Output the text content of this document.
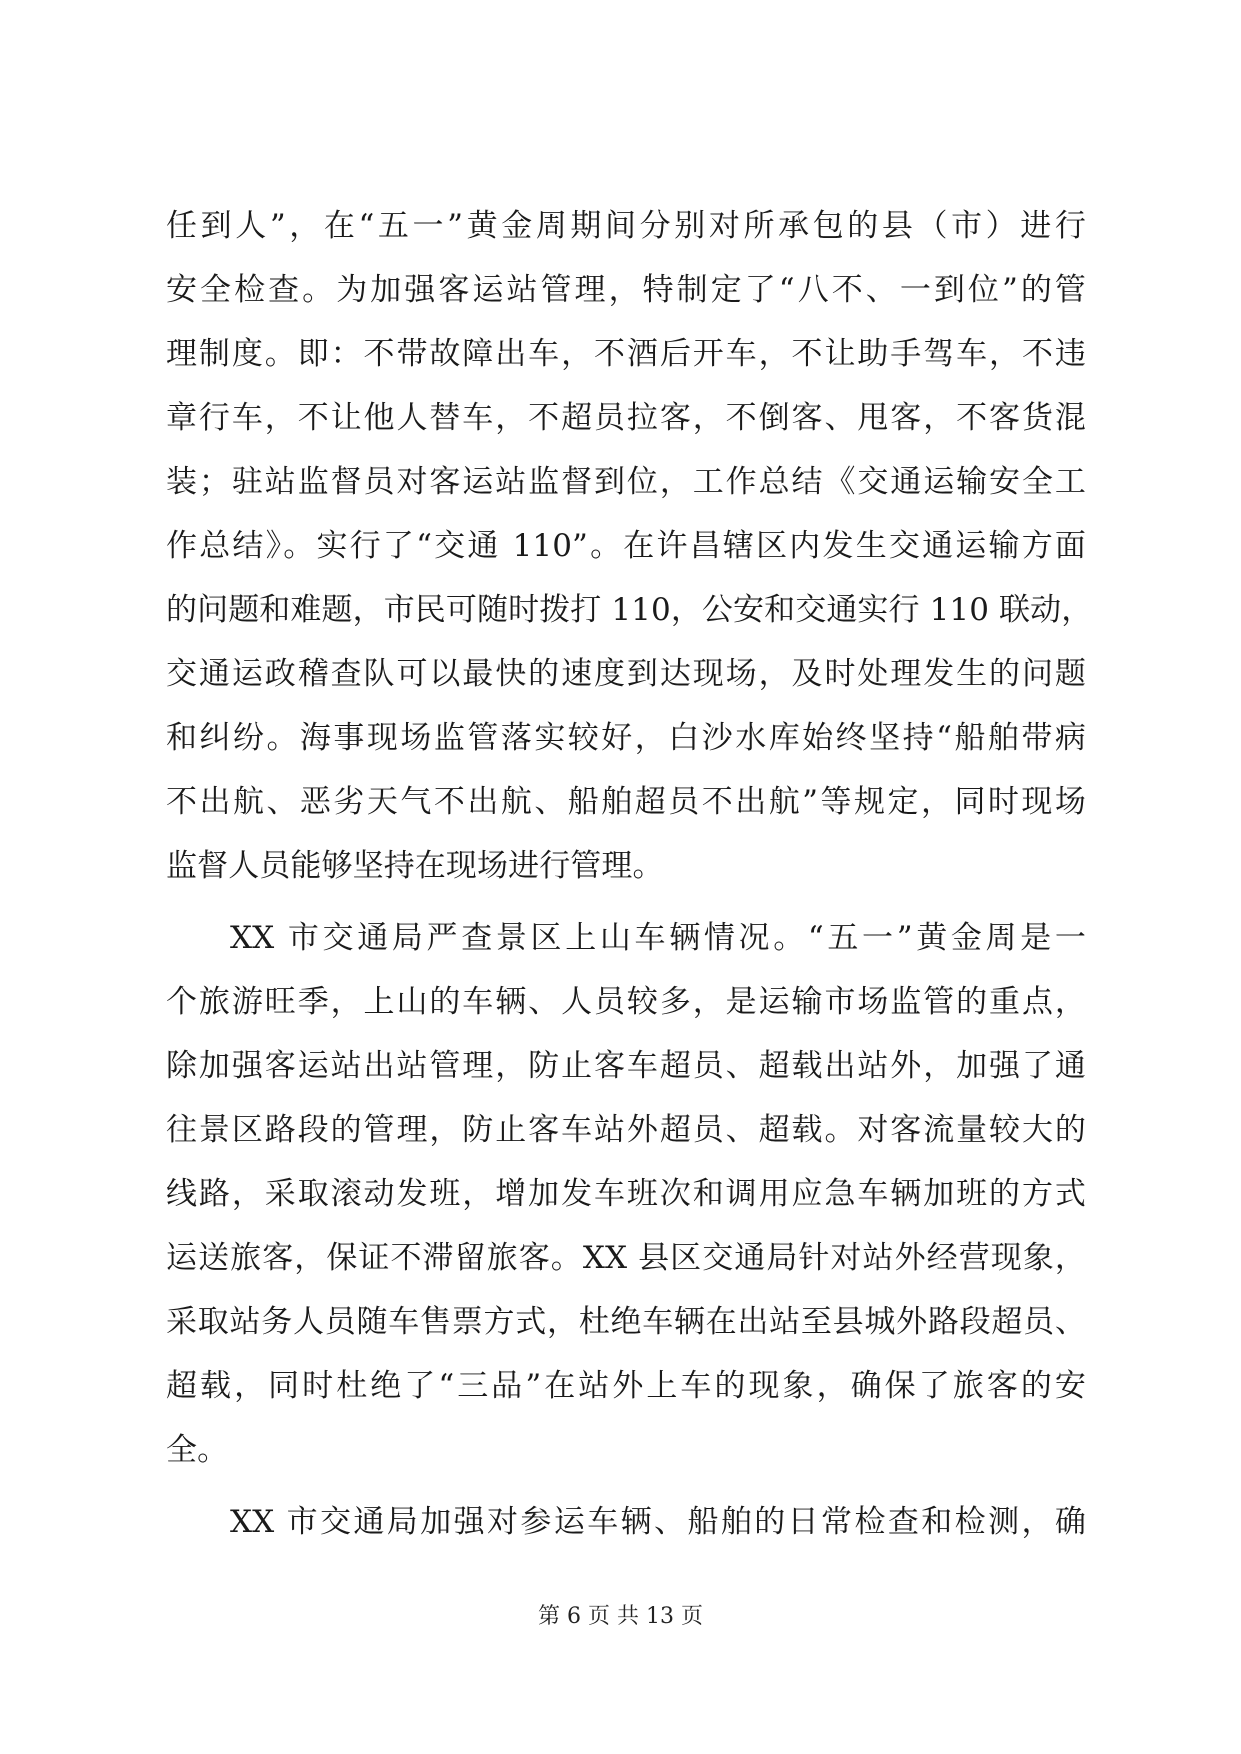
任到人”，在“五一”黄金周期间分别对所承包的县（市）进行
安全检查。为加强客运站管理，特制定了“八不、一到位”的管
理制度。即：不带故障出车，不酒后开车，不让助手驾车，不违
章行车，不让他人替车，不超员拉客，不倒客、甩客，不客货混
装；驻站监督员对客运站监督到位，工作总结《交通运输安全工
作总结》。实行了“交通 110”。在许昌辖区内发生交通运输方面
的问题和难题，市民可随时拨打 110，公安和交通实行 110 联动，
交通运政稽查队可以最快的速度到达现场，及时处理发生的问题
和纠纷。海事现场监管落实较好，白沙水库始终坚持“船舶带病
不出航、恶劣天气不出航、船舶超员不出航”等规定，同时现场
监督人员能够坚持在现场进行管理。
XX 市交通局严查景区上山车辆情况。“五一”黄金周是一
个旅游旺季，上山的车辆、人员较多，是运输市场监管的重点，
除加强客运站出站管理，防止客车超员、超载出站外，加强了通
往景区路段的管理，防止客车站外超员、超载。对客流量较大的
线路，采取滚动发班，增加发车班次和调用应急车辆加班的方式
运送旅客，保证不滞留旅客。XX 县区交通局针对站外经营现象，
采取站务人员随车售票方式，杜绝车辆在出站至县城外路段超员、
超载，同时杜绝了“三品”在站外上车的现象，确保了旅客的安
全。
XX 市交通局加强对参运车辆、船舶的日常检查和检测，确
第 6 页 共 13 页
